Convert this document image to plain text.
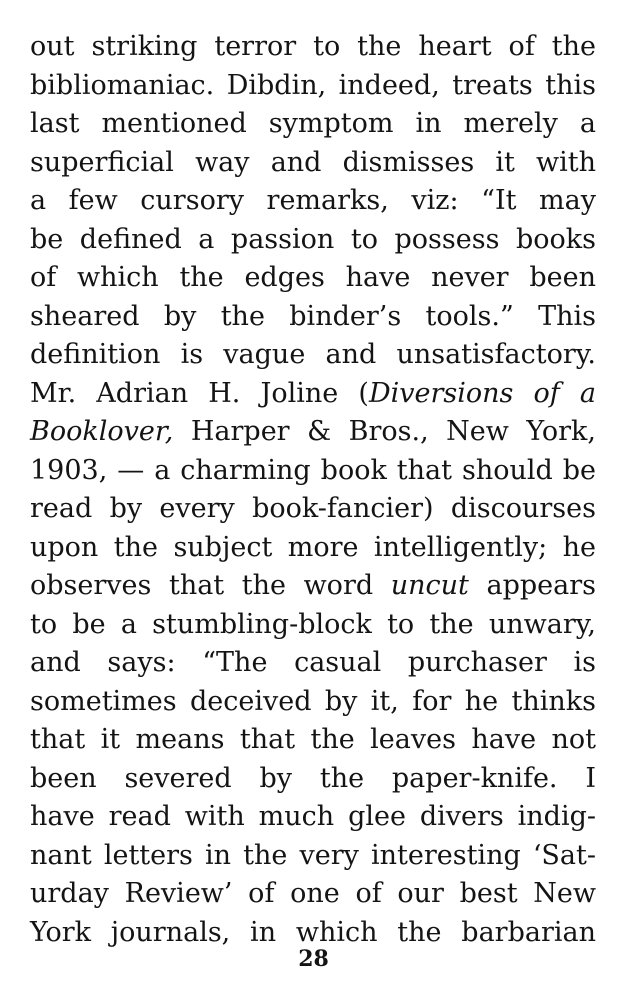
out striking terror to the heart of the
bibliomaniac. Dibdin, indeed, treats this
last mentioned symptom in merely a
superficial way and dismisses it with
a few cursory remarks, viz: “It may
be defined a passion to possess books
of which the edges have never been
sheared by the binder’s tools.” This
definition is vague and unsatisfactory.
Mr. Adrian H. Joline (Diversions of a
Booklover, Harper & Bros., New York,
1903, — a charming book that should be
read by every book-fancier) discourses
upon the subject more intelligently; he
observes that the word uncut appears
to be a stumbling-block to the unwary,
and says: “The casual purchaser is
sometimes deceived by it, for he thinks
that it means that the leaves have not
been severed by the paper-knife. I
have read with much glee divers indig-
nant letters in the very interesting ‘Sat-
urday Review’ of one of our best New
York journals, in which the barbarian
28
